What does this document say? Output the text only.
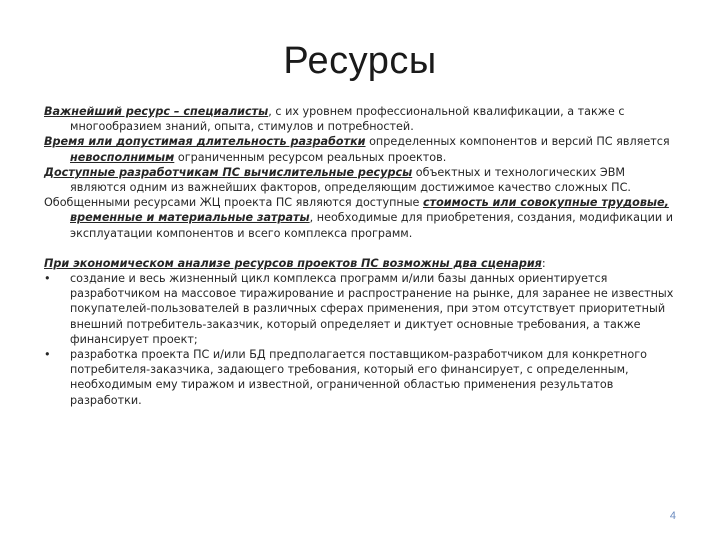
Ресурсы

Важнейший ресурс – специалисты, с их уровнем профессиональной квалификации, а также с многообразием знаний, опыта, стимулов и потребностей.

Время или допустимая длительность разработки определенных компонентов и версий ПС является невосполнимым ограниченным ресурсом реальных проектов.

Доступные разработчикам ПС вычислительные ресурсы объектных и технологических ЭВМ являются одним из важнейших факторов, определяющим достижимое качество сложных ПС.

Обобщенными ресурсами ЖЦ проекта ПС являются доступные стоимость или совокупные трудовые, временные и материальные затраты, необходимые для приобретения, создания, модификации и эксплуатации компонентов и всего комплекса программ.

При экономическом анализе ресурсов проектов ПС возможны два сценария:

•	создание и весь жизненный цикл комплекса программ и/или базы данных ориентируется разработчиком на массовое тиражирование и распространение на рынке, для заранее не известных покупателей-пользователей в различных сферах применения, при этом отсутствует приоритетный внешний потребитель-заказчик, который определяет и диктует основные требования, а также финансирует проект;

•	разработка проекта ПС и/или БД предполагается поставщиком-разработчиком для конкретного потребителя-заказчика, задающего требования, который его финансирует, с определенным, необходимым ему тиражом и известной, ограниченной областью применения результатов разработки.

4
